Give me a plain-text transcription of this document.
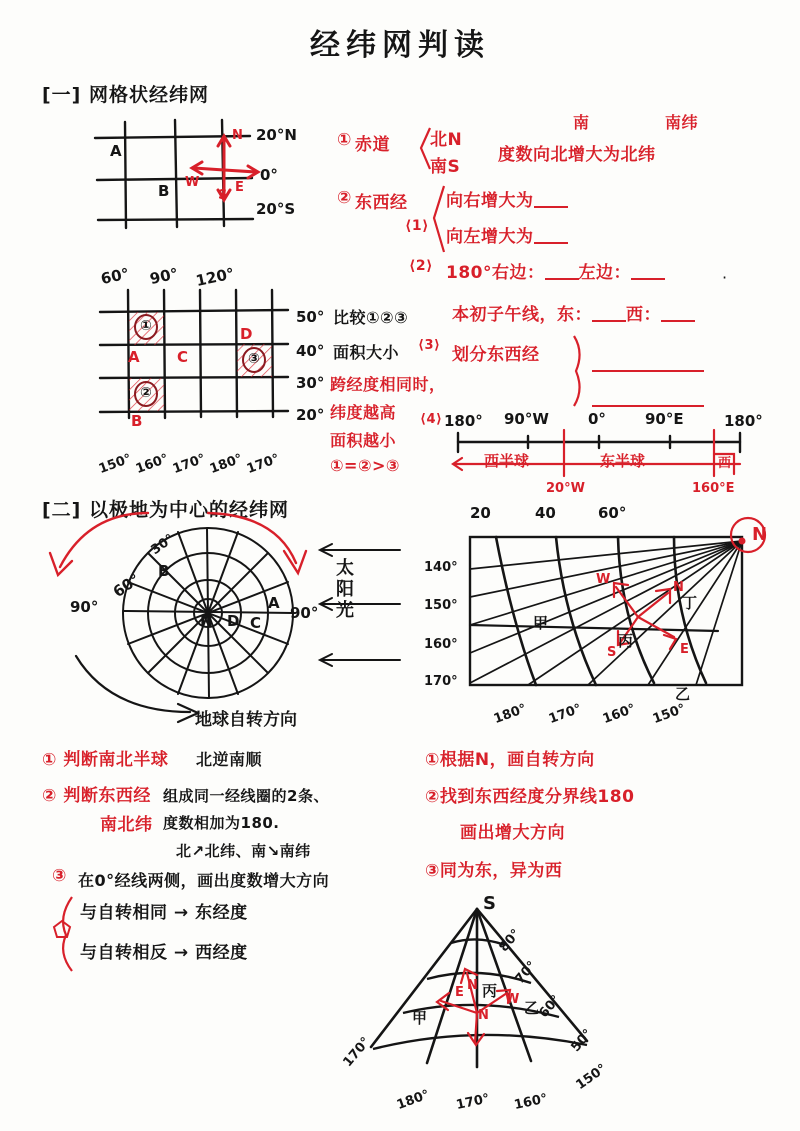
经纬网判读
[一] 网格状经纬网
N
W	E
S
A
B
20°N
0°
20°S
60° 90° 120°
① 赤道 北N
南S
南	南纬
度数向北增大为北纬
② 东西经 向右增大为
⟨1⟩
向左增大为
⟨2⟩ 180°右边： 左边：	·
①
②
③
A
B
C
D
50°
40°
30°
20°
150° 160° 170° 180° 170°
比较①②③
面积大小 ⟨3⟩
跨经度相同时，
纬度越高
面积越小
①=②>③
⟨4⟩
本初子午线，东： 西：
划分东西经
180° 90°W	0°	90°E	180°
西半球	东半球	西
20°W	160°E
[二] 以极地为中心的经纬网
30°
60°
90°	90°
N
A
B
C
D	太阳光
地球自转方向
20	40	60°
N
140°
150°
160°
170°
180° 170° 160° 150°
甲
乙
丙
丁
N
W
S	E
① 判断南北半球 北逆南顺
② 判断东西经 组成同一经线圈的2条、
南北纬 度数相加为180.
北↗北纬、南↘南纬
③ 在0°经线两侧，画出度数增大方向
与自转相同 → 东经度
与自转相反 → 西经度
①根据N，画自转方向
②找到东西经度分界线180
画出增大方向
③同为东，异为西
S
80°
70°
60°
50°
170°
180° 170° 160°
150°
甲
乙
丙
N
W
E
N
